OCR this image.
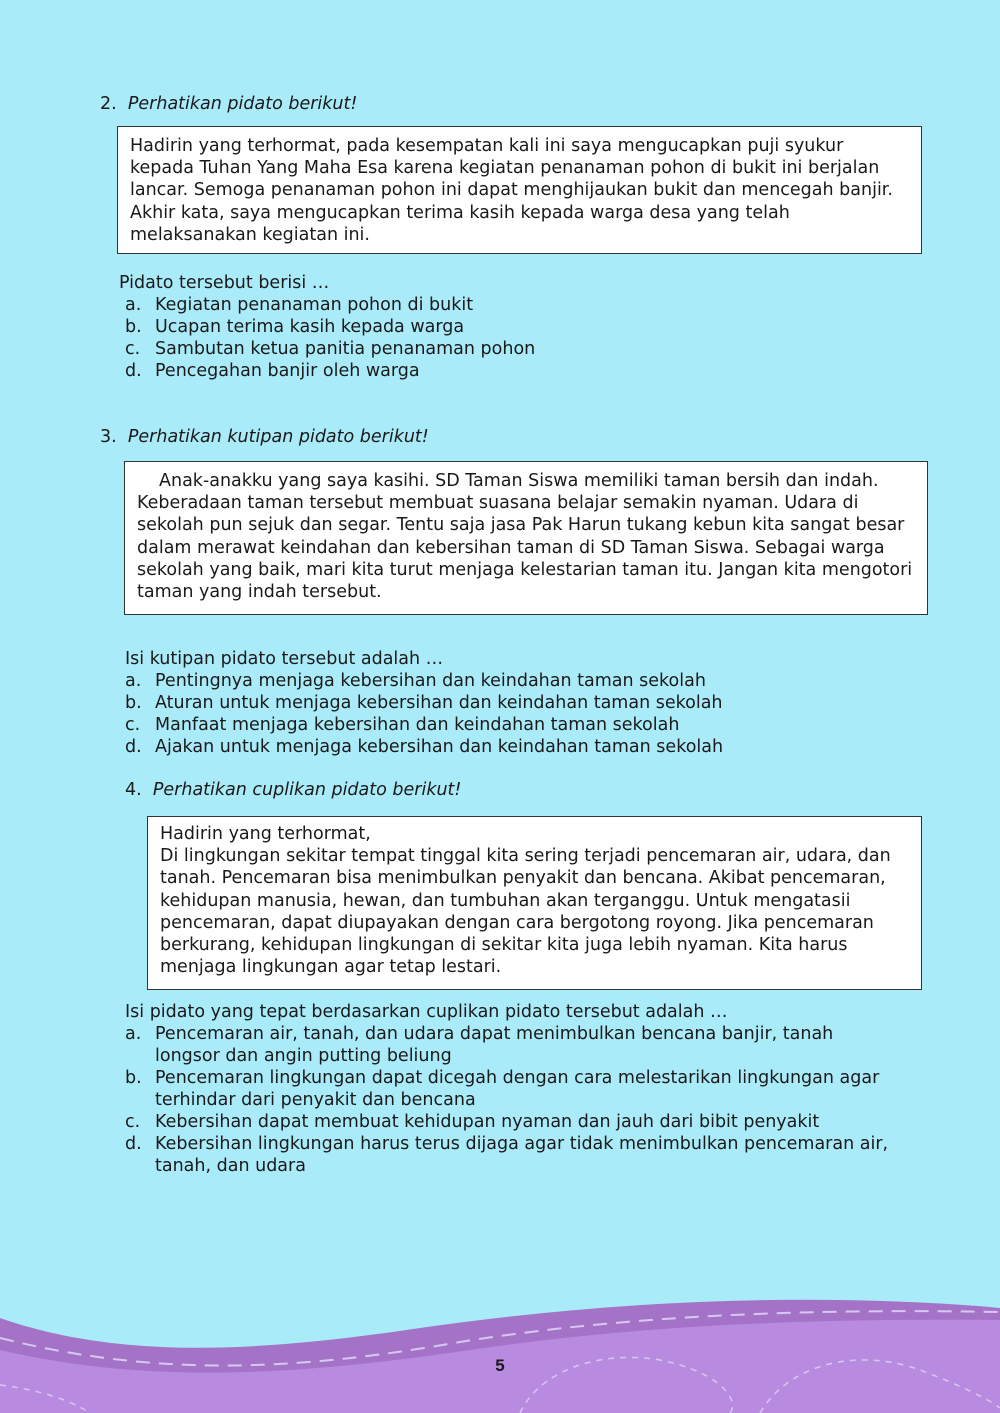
2. Perhatikan pidato berikut!

Hadirin yang terhormat, pada kesempatan kali ini saya mengucapkan puji syukur kepada Tuhan Yang Maha Esa karena kegiatan penanaman pohon di bukit ini berjalan lancar. Semoga penanaman pohon ini dapat menghijaukan bukit dan mencegah banjir. Akhir kata, saya mengucapkan terima kasih kepada warga desa yang telah melaksanakan kegiatan ini.

Pidato tersebut berisi …
a. Kegiatan penanaman pohon di bukit
b. Ucapan terima kasih kepada warga
c. Sambutan ketua panitia penanaman pohon
d. Pencegahan banjir oleh warga
3. Perhatikan kutipan pidato berikut!

Anak-anakku yang saya kasihi. SD Taman Siswa memiliki taman bersih dan indah. Keberadaan taman tersebut membuat suasana belajar semakin nyaman. Udara di sekolah pun sejuk dan segar. Tentu saja jasa Pak Harun tukang kebun kita sangat besar dalam merawat keindahan dan kebersihan taman di SD Taman Siswa. Sebagai warga sekolah yang baik, mari kita turut menjaga kelestarian taman itu. Jangan kita mengotori taman yang indah tersebut.

Isi kutipan pidato tersebut adalah …
a. Pentingnya menjaga kebersihan dan keindahan taman sekolah
b. Aturan untuk menjaga kebersihan dan keindahan taman sekolah
c. Manfaat menjaga kebersihan dan keindahan taman sekolah
d. Ajakan untuk menjaga kebersihan dan keindahan taman sekolah
4. Perhatikan cuplikan pidato berikut!

Hadirin yang terhormat,

Di lingkungan sekitar tempat tinggal kita sering terjadi pencemaran air, udara, dan tanah. Pencemaran bisa menimbulkan penyakit dan bencana. Akibat pencemaran, kehidupan manusia, hewan, dan tumbuhan akan terganggu. Untuk mengatasii pencemaran, dapat diupayakan dengan cara bergotong royong. Jika pencemaran berkurang, kehidupan lingkungan di sekitar kita juga lebih nyaman. Kita harus menjaga lingkungan agar tetap lestari.

Isi pidato yang tepat berdasarkan cuplikan pidato tersebut adalah …
a. Pencemaran air, tanah, dan udara dapat menimbulkan bencana banjir, tanah longsor dan angin putting beliung
b. Pencemaran lingkungan dapat dicegah dengan cara melestarikan lingkungan agar terhindar dari penyakit dan bencana
c. Kebersihan dapat membuat kehidupan nyaman dan jauh dari bibit penyakit
d. Kebersihan lingkungan harus terus dijaga agar tidak menimbulkan pencemaran air, tanah, dan udara
5
